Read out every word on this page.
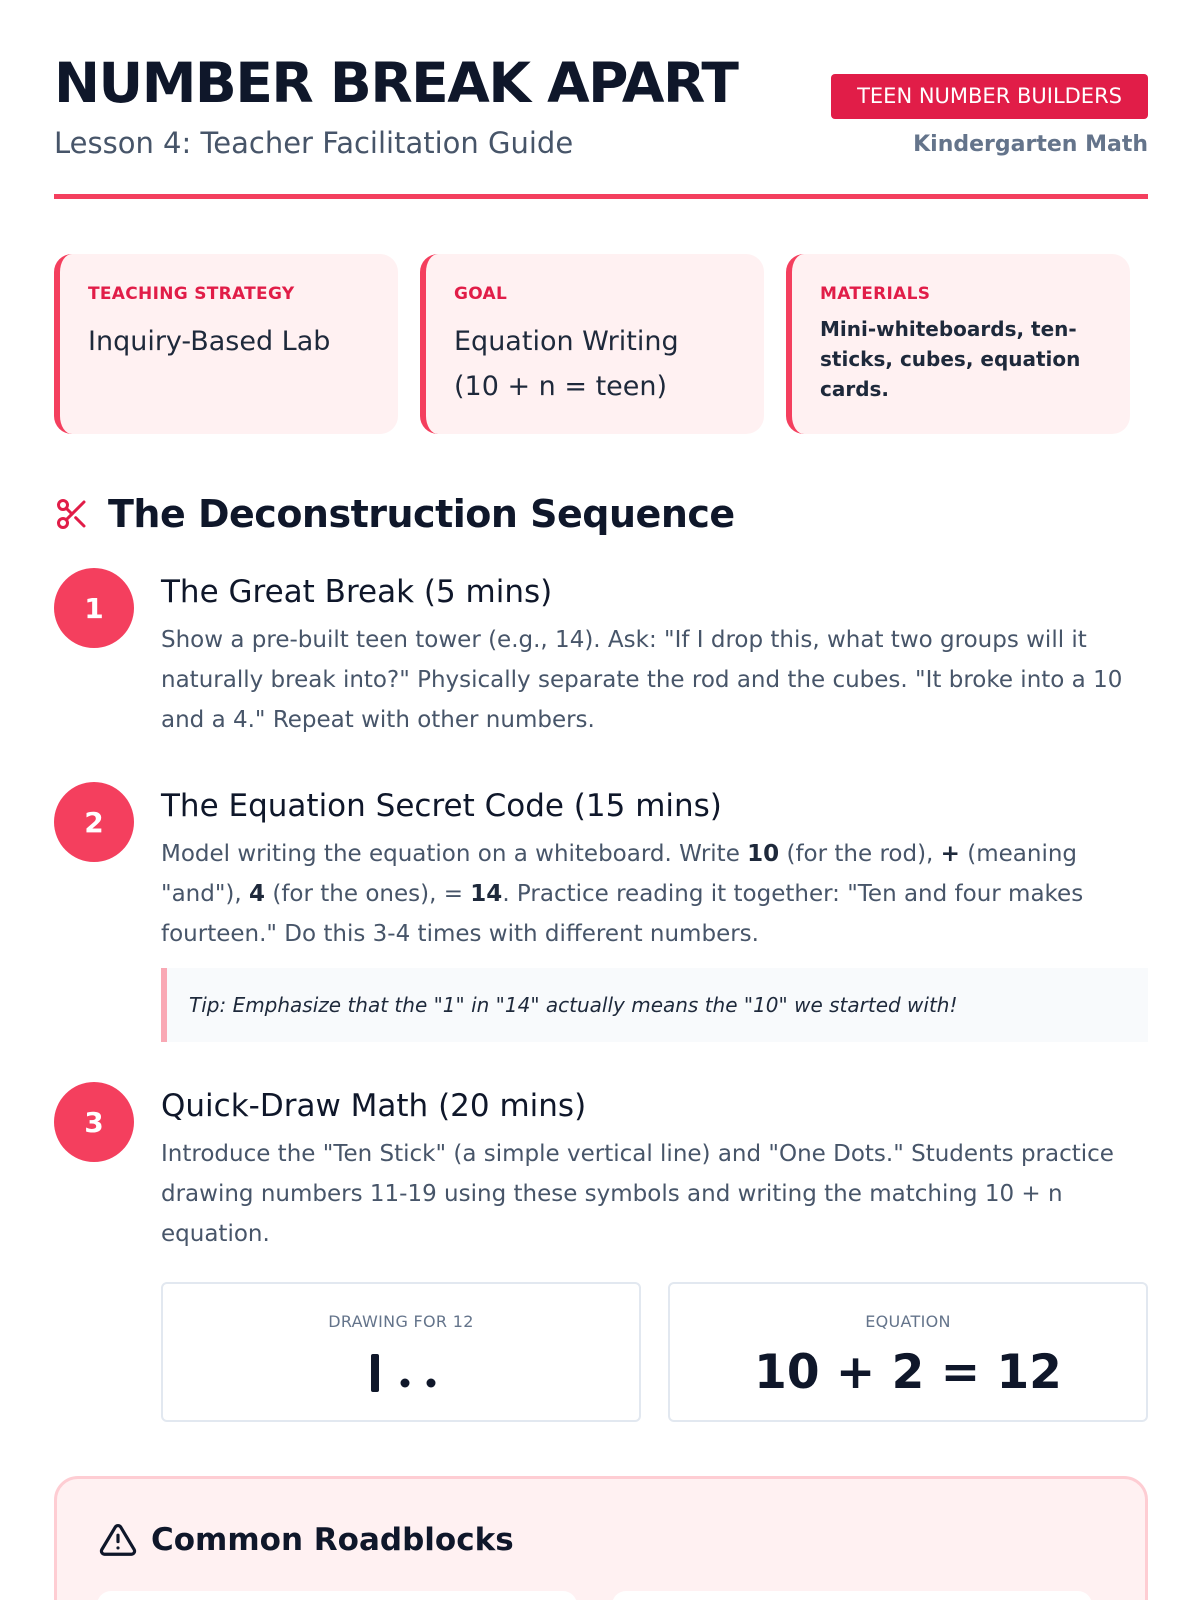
NUMBER BREAK APART
Lesson 4: Teacher Facilitation Guide
TEEN NUMBER BUILDERS
Kindergarten Math
TEACHING STRATEGY
Inquiry-Based Lab
GOAL
Equation Writing
(10 + n = teen)
MATERIALS
Mini-whiteboards, ten-sticks, cubes, equation cards.
The Deconstruction Sequence
1	The Great Break (5 mins)
Show a pre-built teen tower (e.g., 14). Ask: "If I drop this, what two groups will it naturally break into?" Physically separate the rod and the cubes. "It broke into a 10 and a 4." Repeat with other numbers.
2	The Equation Secret Code (15 mins)
Model writing the equation on a whiteboard. Write 10 (for the rod), + (meaning "and"), 4 (for the ones), = 14. Practice reading it together: "Ten and four makes fourteen." Do this 3-4 times with different numbers.
Tip: Emphasize that the "1" in "14" actually means the "10" we started with!
3	Quick-Draw Math (20 mins)
Introduce the "Ten Stick" (a simple vertical line) and "One Dots." Students practice drawing numbers 11-19 using these symbols and writing the matching 10 + n equation.
DRAWING FOR 12	EQUATION
10 + 2 = 12
Common Roadblocks
